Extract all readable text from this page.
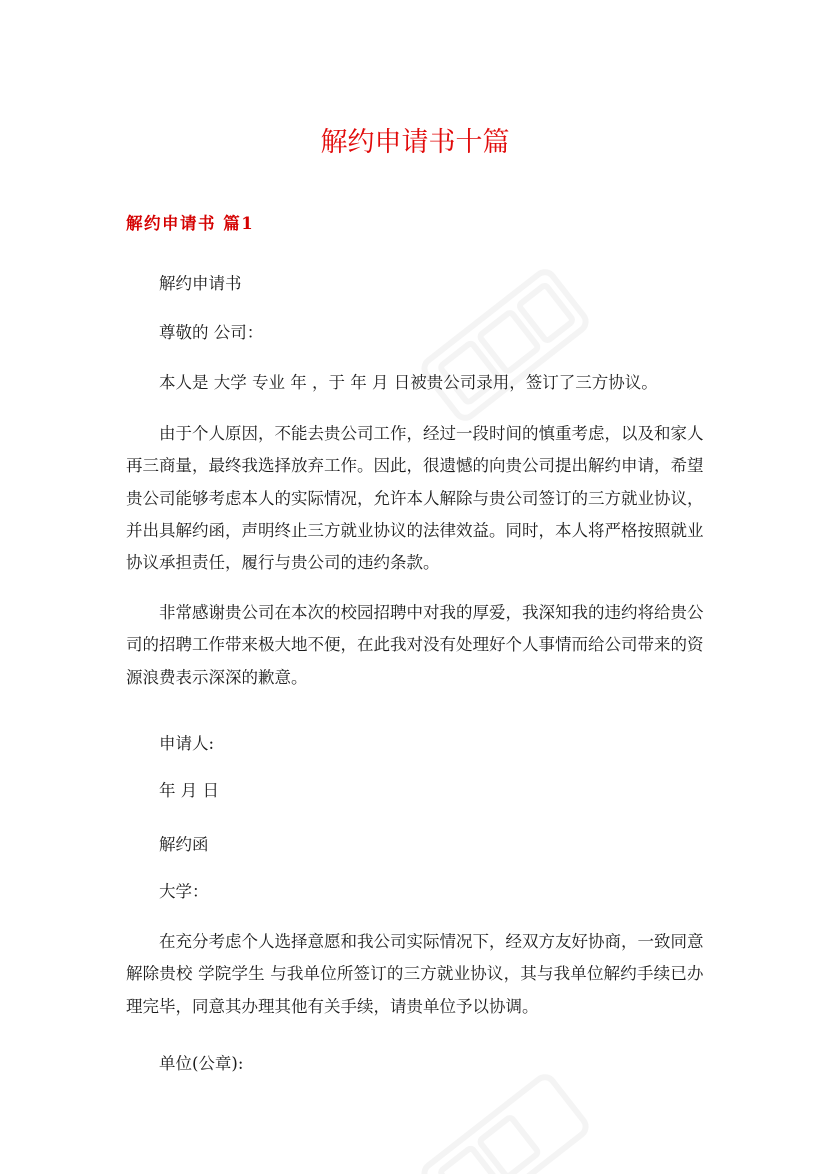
解约申请书十篇
解约申请书 篇1
解约申请书
尊敬的 公司：
本人是 大学 专业 年 ，于 年 月 日被贵公司录用，签订了三方协议。
由于个人原因，不能去贵公司工作，经过一段时间的慎重考虑，以及和家人
再三商量，最终我选择放弃工作。因此，很遗憾的向贵公司提出解约申请，希望
贵公司能够考虑本人的实际情况，允许本人解除与贵公司签订的三方就业协议，
并出具解约函，声明终止三方就业协议的法律效益。同时，本人将严格按照就业
协议承担责任，履行与贵公司的违约条款。
非常感谢贵公司在本次的校园招聘中对我的厚爱，我深知我的违约将给贵公
司的招聘工作带来极大地不便，在此我对没有处理好个人事情而给公司带来的资
源浪费表示深深的歉意。
申请人:
年 月 日
解约函
大学：
在充分考虑个人选择意愿和我公司实际情况下，经双方友好协商，一致同意
解除贵校 学院学生 与我单位所签订的三方就业协议，其与我单位解约手续已办
理完毕，同意其办理其他有关手续，请贵单位予以协调。
单位(公章):
